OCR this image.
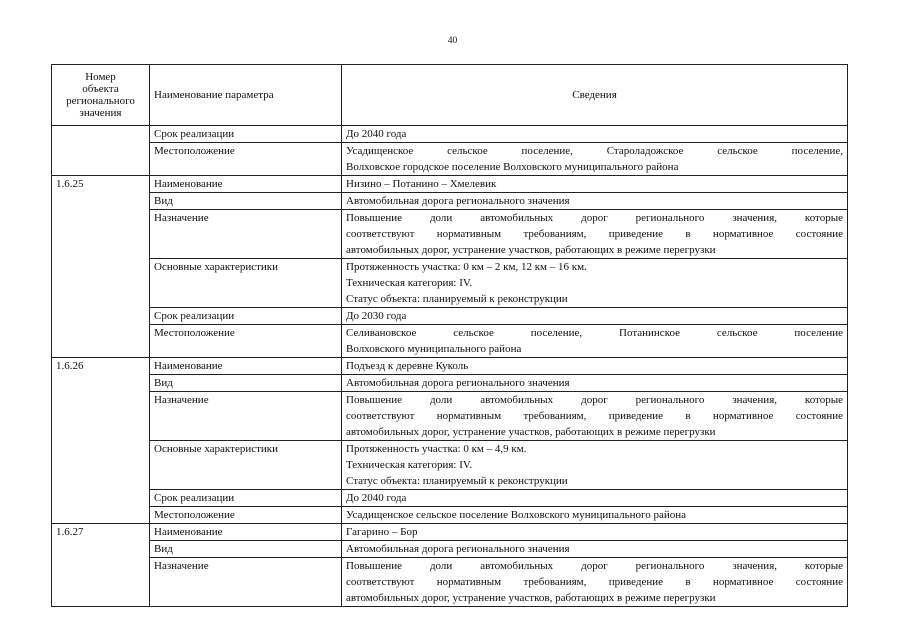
40
Номер
объекта
регионального
значения	Наименование параметра	Сведения

	Срок реализации	До 2040 года

	Местоположение	Усадищенское сельское поселение, Староладожское сельское поселение,
Волховское городское поселение Волховского муниципального района

1.6.25	Наименование	Низино – Потанино – Хмелевик

	Вид	Автомобильная дорога регионального значения

	Назначение	Повышение доли автомобильных дорог регионального значения, которые
соответствуют нормативным требованиям, приведение в нормативное состояние
автомобильных дорог, устранение участков, работающих в режиме перегрузки

	Основные характеристики	Протяженность участка: 0 км – 2 км, 12 км – 16 км.
Техническая категория: IV.
Статус объекта: планируемый к реконструкции

	Срок реализации	До 2030 года

	Местоположение	Селивановское сельское поселение, Потанинское сельское поселение
Волховского муниципального района

1.6.26	Наименование	Подъезд к деревне Куколь

	Вид	Автомобильная дорога регионального значения

	Назначение	Повышение доли автомобильных дорог регионального значения, которые
соответствуют нормативным требованиям, приведение в нормативное состояние
автомобильных дорог, устранение участков, работающих в режиме перегрузки

	Основные характеристики	Протяженность участка: 0 км – 4,9 км.
Техническая категория: IV.
Статус объекта: планируемый к реконструкции

	Срок реализации	До 2040 года

	Местоположение	Усадищенское сельское поселение Волховского муниципального района

1.6.27	Наименование	Гагарино – Бор

	Вид	Автомобильная дорога регионального значения

	Назначение	Повышение доли автомобильных дорог регионального значения, которые
соответствуют нормативным требованиям, приведение в нормативное состояние
автомобильных дорог, устранение участков, работающих в режиме перегрузки
